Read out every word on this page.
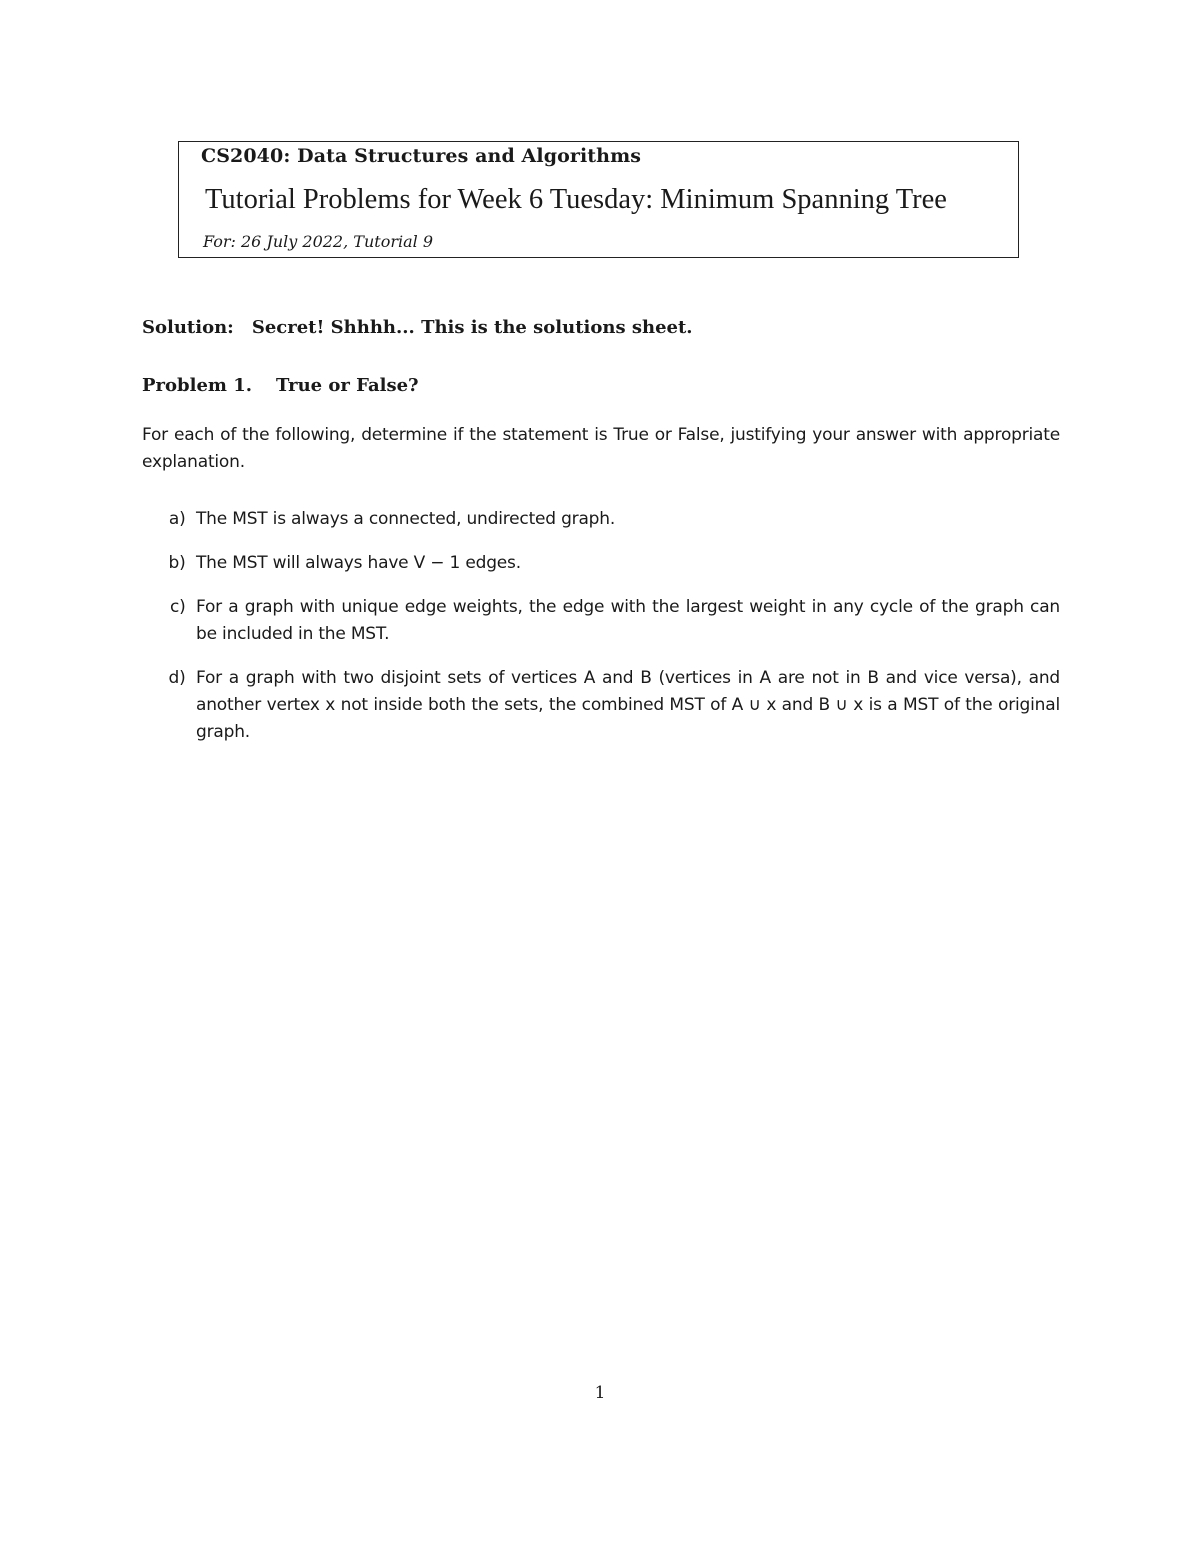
CS2040: Data Structures and Algorithms
Tutorial Problems for Week 6 Tuesday: Minimum Spanning Tree
For: 26 July 2022, Tutorial 9
Solution: Secret! Shhhh... This is the solutions sheet.
Problem 1. True or False?
For each of the following, determine if the statement is True or False, justifying your answer with appropriate explanation.
a) The MST is always a connected, undirected graph.
b) The MST will always have V − 1 edges.
c) For a graph with unique edge weights, the edge with the largest weight in any cycle of the graph can be included in the MST.
d) For a graph with two disjoint sets of vertices A and B (vertices in A are not in B and vice versa), and another vertex x not inside both the sets, the combined MST of A ∪ x and B ∪ x is a MST of the original graph.
1
